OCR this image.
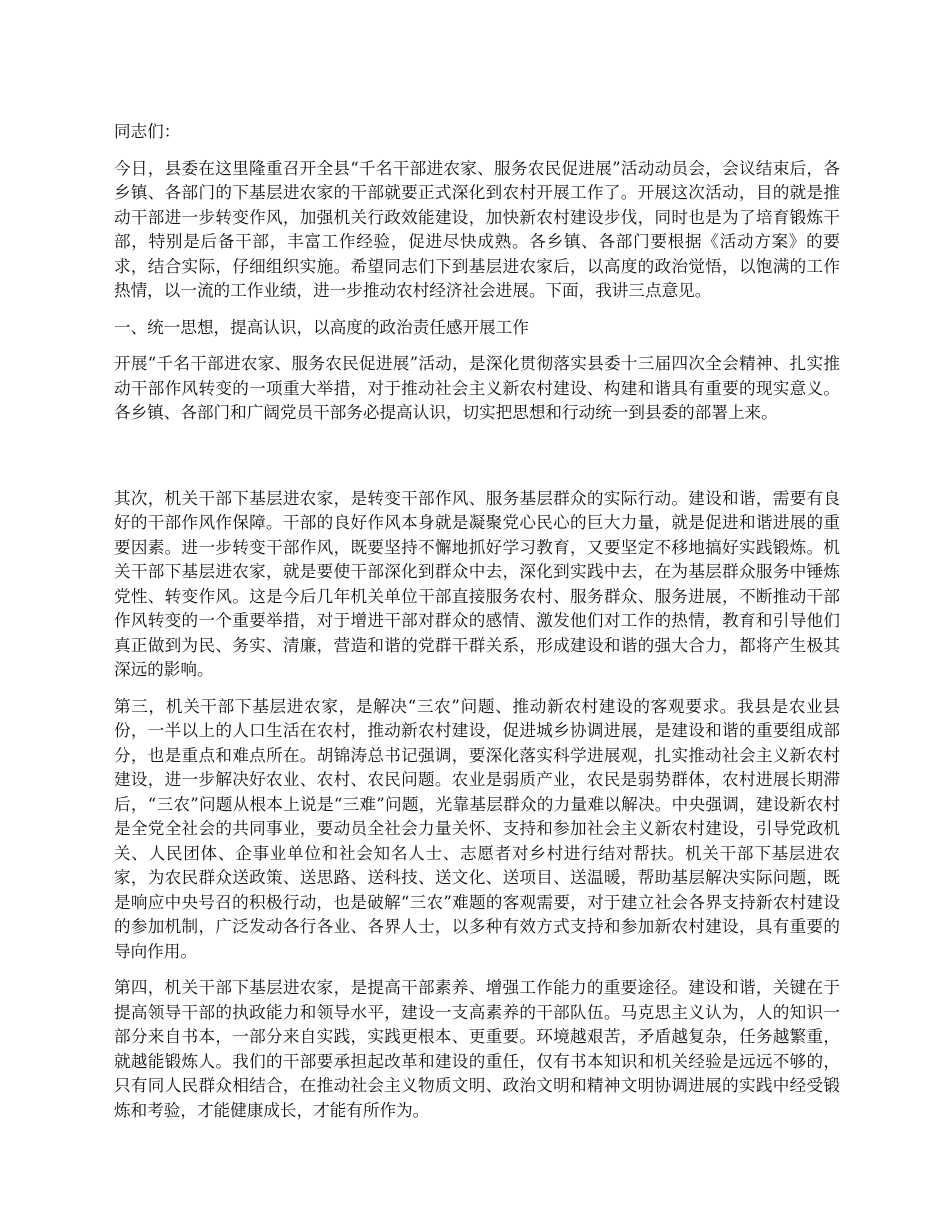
同志们：

今日，县委在这里隆重召开全县“千名干部进农家、服务农民促进展”活动动员会，会议结束后，各乡镇、各部门的下基层进农家的干部就要正式深化到农村开展工作了。开展这次活动，目的就是推动干部进一步转变作风，加强机关行政效能建设，加快新农村建设步伐，同时也是为了培育锻炼干部，特别是后备干部，丰富工作经验，促进尽快成熟。各乡镇、各部门要根据《活动方案》的要求，结合实际，仔细组织实施。希望同志们下到基层进农家后，以高度的政治觉悟，以饱满的工作热情，以一流的工作业绩，进一步推动农村经济社会进展。下面，我讲三点意见。

一、统一思想，提高认识，以高度的政治责任感开展工作

开展“千名干部进农家、服务农民促进展”活动，是深化贯彻落实县委十三届四次全会精神、扎实推动干部作风转变的一项重大举措，对于推动社会主义新农村建设、构建和谐具有重要的现实意义。各乡镇、各部门和广阔党员干部务必提高认识，切实把思想和行动统一到县委的部署上来。

其次，机关干部下基层进农家，是转变干部作风、服务基层群众的实际行动。建设和谐，需要有良好的干部作风作保障。干部的良好作风本身就是凝聚党心民心的巨大力量，就是促进和谐进展的重要因素。进一步转变干部作风，既要坚持不懈地抓好学习教育，又要坚定不移地搞好实践锻炼。机关干部下基层进农家，就是要使干部深化到群众中去，深化到实践中去，在为基层群众服务中锤炼党性、转变作风。这是今后几年机关单位干部直接服务农村、服务群众、服务进展，不断推动干部作风转变的一个重要举措，对于增进干部对群众的感情、激发他们对工作的热情，教育和引导他们真正做到为民、务实、清廉，营造和谐的党群干群关系，形成建设和谐的强大合力，都将产生极其深远的影响。

第三，机关干部下基层进农家，是解决“三农”问题、推动新农村建设的客观要求。我县是农业县份，一半以上的人口生活在农村，推动新农村建设，促进城乡协调进展，是建设和谐的重要组成部分，也是重点和难点所在。胡锦涛总书记强调，要深化落实科学进展观，扎实推动社会主义新农村建设，进一步解决好农业、农村、农民问题。农业是弱质产业，农民是弱势群体，农村进展长期滞后，“三农”问题从根本上说是“三难”问题，光靠基层群众的力量难以解决。中央强调，建设新农村是全党全社会的共同事业，要动员全社会力量关怀、支持和参加社会主义新农村建设，引导党政机关、人民团体、企事业单位和社会知名人士、志愿者对乡村进行结对帮扶。机关干部下基层进农家，为农民群众送政策、送思路、送科技、送文化、送项目、送温暖，帮助基层解决实际问题，既是响应中央号召的积极行动，也是破解“三农”难题的客观需要，对于建立社会各界支持新农村建设的参加机制，广泛发动各行各业、各界人士，以多种有效方式支持和参加新农村建设，具有重要的导向作用。

第四，机关干部下基层进农家，是提高干部素养、增强工作能力的重要途径。建设和谐，关键在于提高领导干部的执政能力和领导水平，建设一支高素养的干部队伍。马克思主义认为，人的知识一部分来自书本，一部分来自实践，实践更根本、更重要。环境越艰苦，矛盾越复杂，任务越繁重，就越能锻炼人。我们的干部要承担起改革和建设的重任，仅有书本知识和机关经验是远远不够的，只有同人民群众相结合，在推动社会主义物质文明、政治文明和精神文明协调进展的实践中经受锻炼和考验，才能健康成长，才能有所作为。
